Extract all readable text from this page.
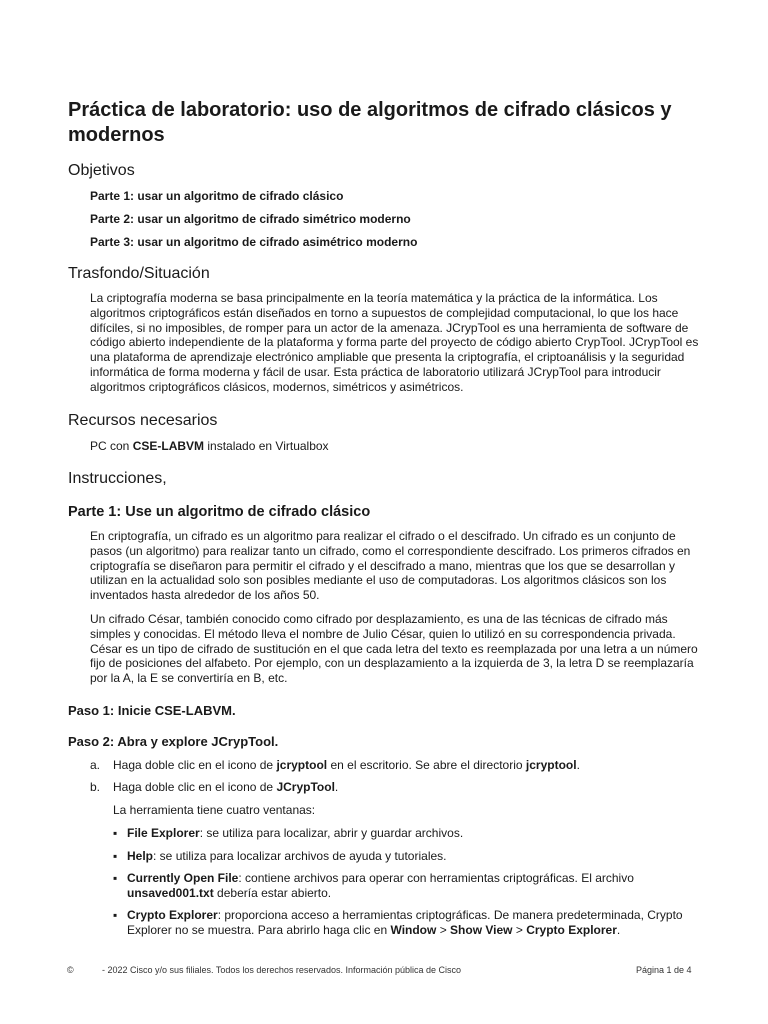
Práctica de laboratorio: uso de algoritmos de cifrado clásicos y modernos
Objetivos
Parte 1: usar un algoritmo de cifrado clásico
Parte 2: usar un algoritmo de cifrado simétrico moderno
Parte 3: usar un algoritmo de cifrado asimétrico moderno
Trasfondo/Situación

La criptografía moderna se basa principalmente en la teoría matemática y la práctica de la informática. Los algoritmos criptográficos están diseñados en torno a supuestos de complejidad computacional, lo que los hace difíciles, si no imposibles, de romper para un actor de la amenaza. JCrypTool es una herramienta de software de código abierto independiente de la plataforma y forma parte del proyecto de código abierto CrypTool. JCrypTool es una plataforma de aprendizaje electrónico ampliable que presenta la criptografía, el criptoanálisis y la seguridad informática de forma moderna y fácil de usar. Esta práctica de laboratorio utilizará JCrypTool para introducir algoritmos criptográficos clásicos, modernos, simétricos y asimétricos.

Recursos necesarios
PC con CSE-LABVM instalado en Virtualbox
Instrucciones,
Parte 1: Use un algoritmo de cifrado clásico

En criptografía, un cifrado es un algoritmo para realizar el cifrado o el descifrado. Un cifrado es un conjunto de pasos (un algoritmo) para realizar tanto un cifrado, como el correspondiente descifrado. Los primeros cifrados en criptografía se diseñaron para permitir el cifrado y el descifrado a mano, mientras que los que se desarrollan y utilizan en la actualidad solo son posibles mediante el uso de computadoras. Los algoritmos clásicos son los inventados hasta alrededor de los años 50.

Un cifrado César, también conocido como cifrado por desplazamiento, es una de las técnicas de cifrado más simples y conocidas. El método lleva el nombre de Julio César, quien lo utilizó en su correspondencia privada. César es un tipo de cifrado de sustitución en el que cada letra del texto es reemplazada por una letra a un número fijo de posiciones del alfabeto. Por ejemplo, con un desplazamiento a la izquierda de 3, la letra D se reemplazaría por la A, la E se convertiría en B, etc.

Paso 1: Inicie CSE-LABVM.
Paso 2: Abra y explore JCrypTool.
a. Haga doble clic en el icono de jcryptool en el escritorio. Se abre el directorio jcryptool.
b. Haga doble clic en el icono de JCrypTool.
La herramienta tiene cuatro ventanas:
▪ File Explorer: se utiliza para localizar, abrir y guardar archivos.
▪ Help: se utiliza para localizar archivos de ayuda y tutoriales.
▪ Currently Open File: contiene archivos para operar con herramientas criptográficas. El archivo unsaved001.txt debería estar abierto.
▪ Crypto Explorer: proporciona acceso a herramientas criptográficas. De manera predeterminada, Crypto Explorer no se muestra. Para abrirlo haga clic en Window > Show View > Crypto Explorer.
©	- 2022 Cisco y/o sus filiales. Todos los derechos reservados. Información pública de Cisco	Página 1 de 4
